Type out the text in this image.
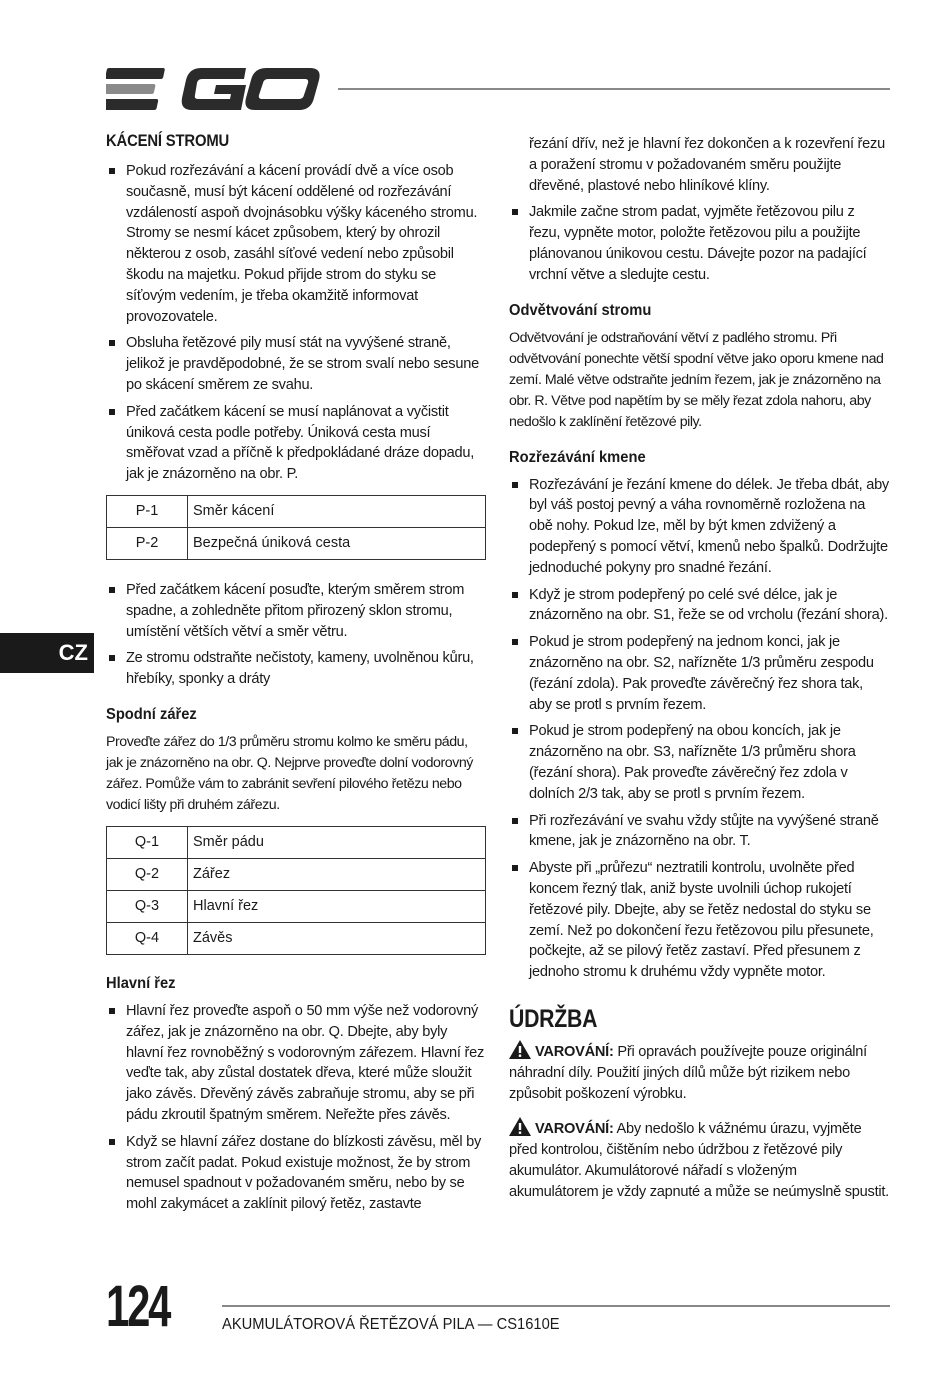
CZ
KÁCENÍ STROMU
Pokud rozřezávání a kácení provádí dvě a více osob současně, musí být kácení oddělené od rozřezávání vzdáleností aspoň dvojnásobku výšky káceného stromu. Stromy se nesmí kácet způsobem, který by ohrozil některou z osob, zasáhl síťové vedení nebo způsobil škodu na majetku. Pokud přijde strom do styku se síťovým vedením, je třeba okamžitě informovat provozovatele.
Obsluha řetězové pily musí stát na vyvýšené straně, jelikož je pravděpodobné, že se strom svalí nebo sesune po skácení směrem ze svahu.
Před začátkem kácení se musí naplánovat a vyčistit úniková cesta podle potřeby. Úniková cesta musí směřovat vzad a příčně k předpokládané dráze dopadu, jak je znázorněno na obr. P.
P-1	Směr kácení
P-2	Bezpečná úniková cesta
Před začátkem kácení posuďte, kterým směrem strom spadne, a zohledněte přitom přirozený sklon stromu, umístění větších větví a směr větru.
Ze stromu odstraňte nečistoty, kameny, uvolněnou kůru, hřebíky, sponky a dráty
Spodní zářez

Proveďte zářez do 1/3 průměru stromu kolmo ke směru pádu, jak je znázorněno na obr. Q. Nejprve proveďte dolní vodorovný zářez. Pomůže vám to zabránit sevření pilového řetězu nebo vodicí lišty při druhém zářezu.

Q-1	Směr pádu
Q-2	Zářez
Q-3	Hlavní řez
Q-4	Závěs
Hlavní řez
Hlavní řez proveďte aspoň o 50 mm výše než vodorovný zářez, jak je znázorněno na obr. Q. Dbejte, aby byly hlavní řez rovnoběžný s vodorovným zářezem. Hlavní řez veďte tak, aby zůstal dostatek dřeva, které může sloužit jako závěs. Dřevěný závěs zabraňuje stromu, aby se při pádu zkroutil špatným směrem. Neřežte přes závěs.
Když se hlavní zářez dostane do blízkosti závěsu, měl by strom začít padat. Pokud existuje možnost, že by strom nemusel spadnout v požadovaném směru, nebo by se mohl zakymácet a zaklínit pilový řetěz, zastavte
řezání dřív, než je hlavní řez dokončen a k rozevření řezu a poražení stromu v požadovaném směru použijte dřevěné, plastové nebo hliníkové klíny.
Jakmile začne strom padat, vyjměte řetězovou pilu z řezu, vypněte motor, položte řetězovou pilu a použijte plánovanou únikovou cestu. Dávejte pozor na padající vrchní větve a sledujte cestu.
Odvětvování stromu

Odvětvování je odstraňování větví z padlého stromu. Při odvětvování ponechte větší spodní větve jako oporu kmene nad zemí. Malé větve odstraňte jedním řezem, jak je znázorněno na obr. R. Větve pod napětím by se měly řezat zdola nahoru, aby nedošlo k zaklínění řetězové pily.

Rozřezávání kmene
Rozřezávání je řezání kmene do délek. Je třeba dbát, aby byl váš postoj pevný a váha rovnoměrně rozložena na obě nohy. Pokud lze, měl by být kmen zdvižený a podepřený s pomocí větví, kmenů nebo špalků. Dodržujte jednoduché pokyny pro snadné řezání.
Když je strom podepřený po celé své délce, jak je znázorněno na obr. S1, řeže se od vrcholu (řezání shora).
Pokud je strom podepřený na jednom konci, jak je znázorněno na obr. S2, nařízněte 1/3 průměru zespodu (řezání zdola). Pak proveďte závěrečný řez shora tak, aby se protl s prvním řezem.
Pokud je strom podepřený na obou koncích, jak je znázorněno na obr. S3, nařízněte 1/3 průměru shora (řezání shora). Pak proveďte závěrečný řez zdola v dolních 2/3 tak, aby se protl s prvním řezem.
Při rozřezávání ve svahu vždy stůjte na vyvýšené straně kmene, jak je znázorněno na obr. T.
Abyste při „průřezu“ neztratili kontrolu, uvolněte před koncem řezný tlak, aniž byste uvolnili úchop rukojetí řetězové pily. Dbejte, aby se řetěz nedostal do styku se zemí. Než po dokončení řezu řetězovou pilu přesunete, počkejte, až se pilový řetěz zastaví. Před přesunem z jednoho stromu k druhému vždy vypněte motor.
ÚDRŽBA

VAROVÁNÍ: Při opravách používejte pouze originální náhradní díly. Použití jiných dílů může být rizikem nebo způsobit poškození výrobku.

VAROVÁNÍ: Aby nedošlo k vážnému úrazu, vyjměte před kontrolou, čištěním nebo údržbou z řetězové pily akumulátor. Akumulátorové nářadí s vloženým akumulátorem je vždy zapnuté a může se neúmyslně spustit.

124	AKUMULÁTOROVÁ ŘETĚZOVÁ PILA — CS1610E
